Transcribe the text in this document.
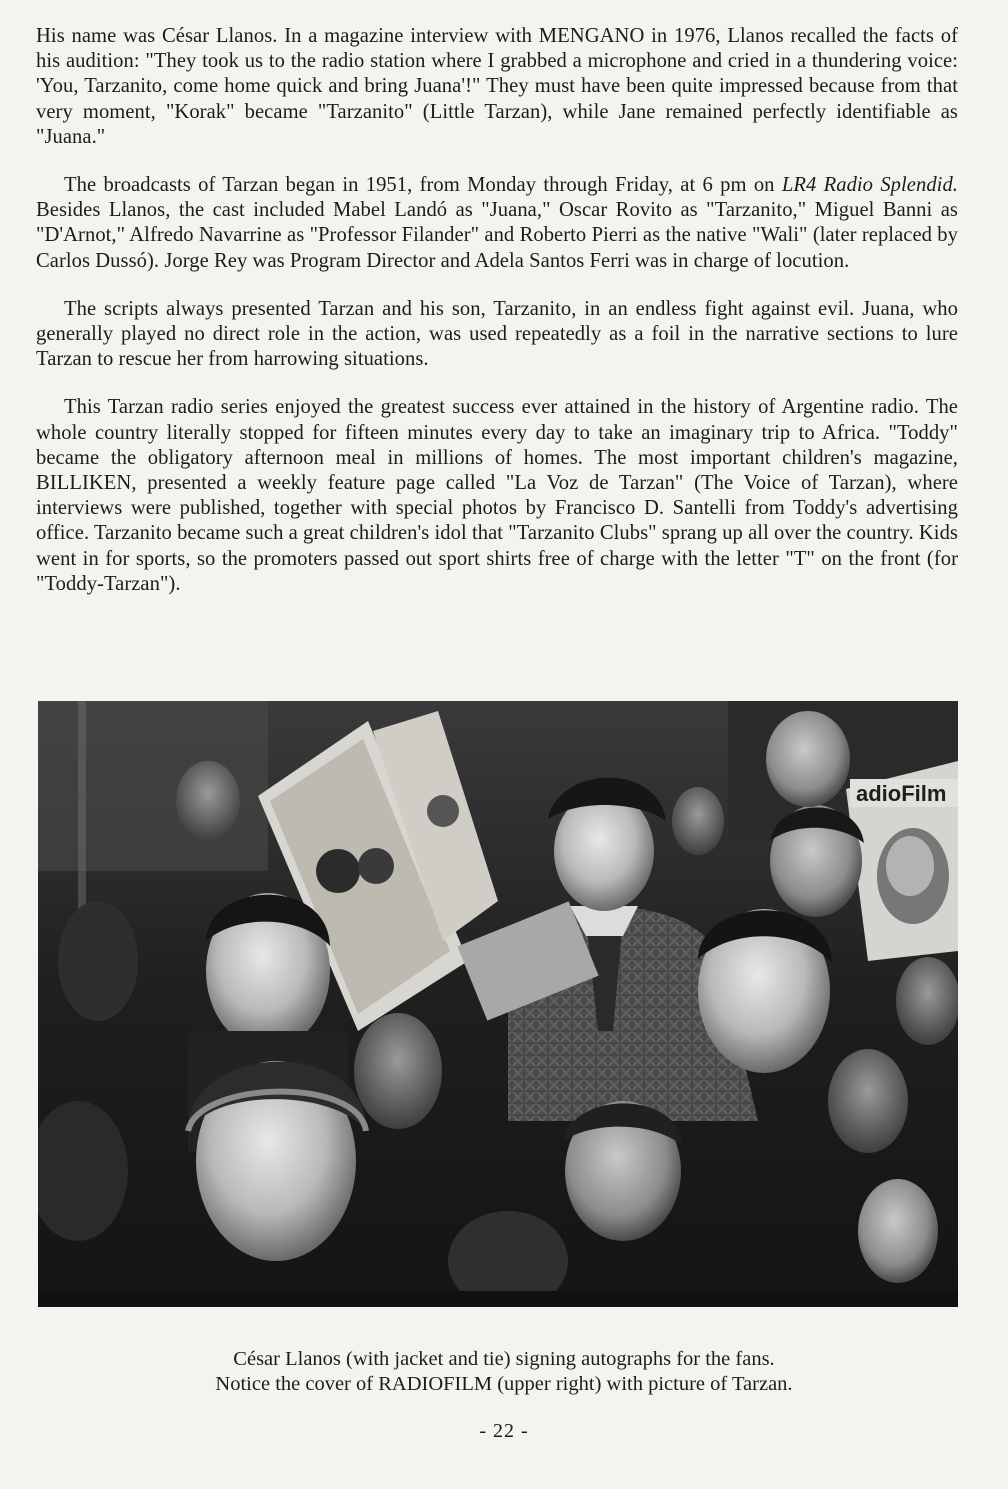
His name was César Llanos. In a magazine interview with MENGANO in 1976, Llanos recalled the facts of his audition: "They took us to the radio station where I grabbed a microphone and cried in a thundering voice: 'You, Tarzanito, come home quick and bring Juana'!" They must have been quite impressed because from that very moment, "Korak" became "Tarzanito" (Little Tarzan), while Jane remained perfectly identifiable as "Juana."

The broadcasts of Tarzan began in 1951, from Monday through Friday, at 6 pm on LR4 Radio Splendid. Besides Llanos, the cast included Mabel Landó as "Juana," Oscar Rovito as "Tarzanito," Miguel Banni as "D'Arnot," Alfredo Navarrine as "Professor Filander" and Roberto Pierri as the native "Wali" (later replaced by Carlos Dussó). Jorge Rey was Program Director and Adela Santos Ferri was in charge of locution.

The scripts always presented Tarzan and his son, Tarzanito, in an endless fight against evil. Juana, who generally played no direct role in the action, was used repeatedly as a foil in the narrative sections to lure Tarzan to rescue her from harrowing situations.

This Tarzan radio series enjoyed the greatest success ever attained in the history of Argentine radio. The whole country literally stopped for fifteen minutes every day to take an imaginary trip to Africa. "Toddy" became the obligatory afternoon meal in millions of homes. The most important children's magazine, BILLIKEN, presented a weekly feature page called "La Voz de Tarzan" (The Voice of Tarzan), where interviews were published, together with special photos by Francisco D. Santelli from Toddy's advertising office. Tarzanito became such a great children's idol that "Tarzanito Clubs" sprang up all over the country. Kids went in for sports, so the promoters passed out sport shirts free of charge with the letter "T" on the front (for "Toddy-Tarzan").

adioFilm
César Llanos (with jacket and tie) signing autographs for the fans.
Notice the cover of RADIOFILM (upper right) with picture of Tarzan.
- 22 -
